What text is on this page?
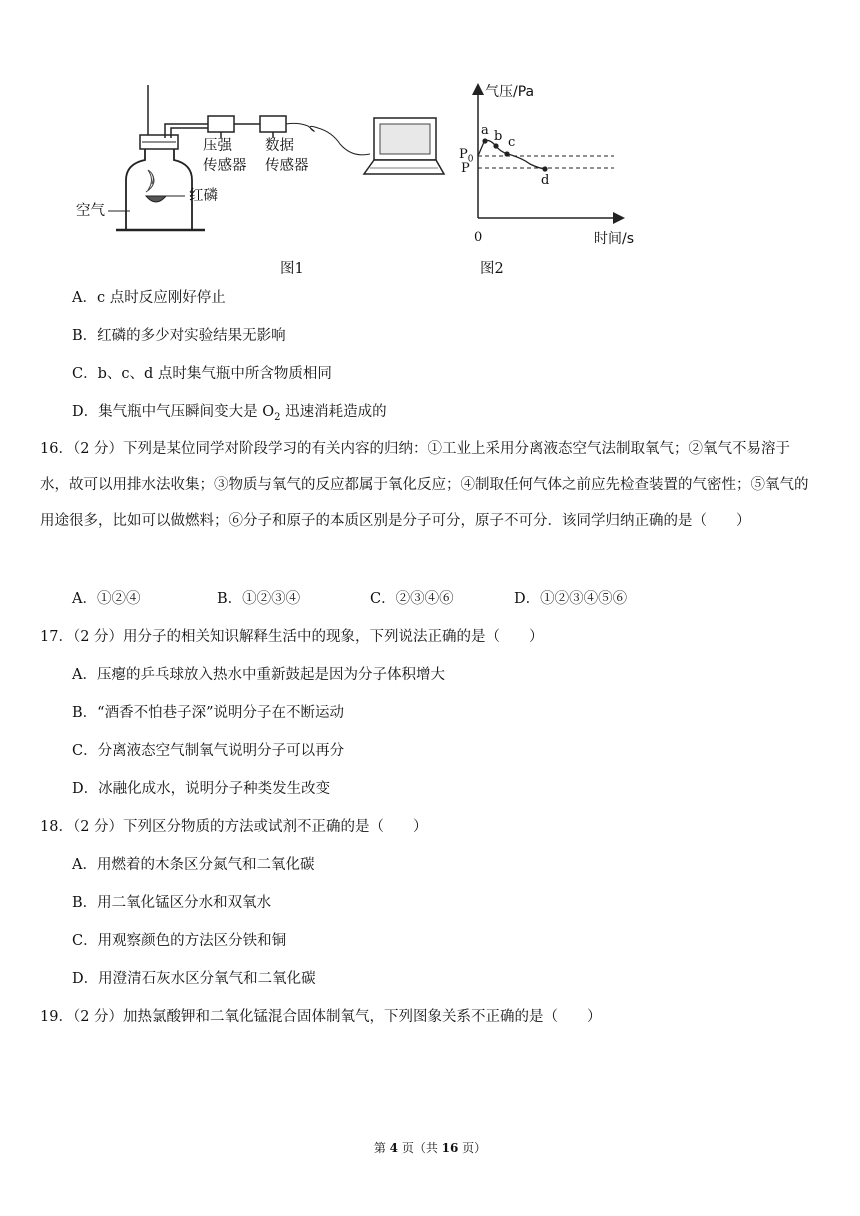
压强
传感器
数据
传感器
红磷
空气
图1
气压/Pa
时间/s
0
$P_0$
P
a b c
d
图2
A．c 点时反应刚好停止
B．红磷的多少对实验结果无影响
C．b、c、d 点时集气瓶中所含物质相同
D．集气瓶中气压瞬间变大是 $O_2$ 迅速消耗造成的
16．（2 分）下列是某位同学对阶段学习的有关内容的归纳：①工业上采用分离液态空气法制取氧气；②氧气不易溶于水，故可以用排水法收集；③物质与氧气的反应都属于氧化反应；④制取任何气体之前应先检查装置的气密性；⑤氧气的用途很多，比如可以做燃料；⑥分子和原子的本质区别是分子可分，原子不可分．该同学归纳正确的是（　　）
A．①②④	B．①②③④	C．②③④⑥	D．①②③④⑤⑥
17．（2 分）用分子的相关知识解释生活中的现象，下列说法正确的是（　　）
A．压瘪的乒乓球放入热水中重新鼓起是因为分子体积增大
B．“酒香不怕巷子深”说明分子在不断运动
C．分离液态空气制氧气说明分子可以再分
D．冰融化成水，说明分子种类发生改变
18．（2 分）下列区分物质的方法或试剂不正确的是（　　）
A．用燃着的木条区分氮气和二氧化碳
B．用二氧化锰区分水和双氧水
C．用观察颜色的方法区分铁和铜
D．用澄清石灰水区分氧气和二氧化碳
19．（2 分）加热氯酸钾和二氧化锰混合固体制氧气，下列图象关系不正确的是（　　）
第 4 页（共 16 页）
